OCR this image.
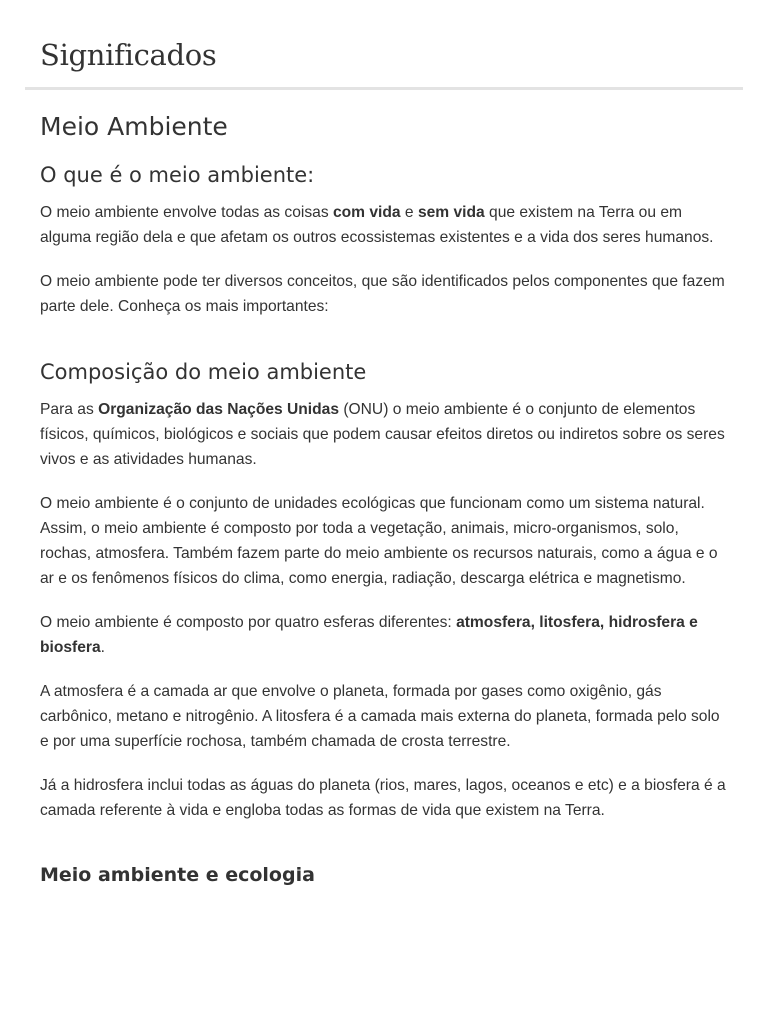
Significados
Meio Ambiente
O que é o meio ambiente:

O meio ambiente envolve todas as coisas com vida e sem vida que existem na Terra ou em alguma região dela e que afetam os outros ecossistemas existentes e a vida dos seres humanos.

O meio ambiente pode ter diversos conceitos, que são identificados pelos componentes que fazem parte dele. Conheça os mais importantes:

Composição do meio ambiente

Para as Organização das Nações Unidas (ONU) o meio ambiente é o conjunto de elementos físicos, químicos, biológicos e sociais que podem causar efeitos diretos ou indiretos sobre os seres vivos e as atividades humanas.

O meio ambiente é o conjunto de unidades ecológicas que funcionam como um sistema natural. Assim, o meio ambiente é composto por toda a vegetação, animais, micro-organismos, solo, rochas, atmosfera. Também fazem parte do meio ambiente os recursos naturais, como a água e o ar e os fenômenos físicos do clima, como energia, radiação, descarga elétrica e magnetismo.

O meio ambiente é composto por quatro esferas diferentes: atmosfera, litosfera, hidrosfera e biosfera.

A atmosfera é a camada ar que envolve o planeta, formada por gases como oxigênio, gás carbônico, metano e nitrogênio. A litosfera é a camada mais externa do planeta, formada pelo solo e por uma superfície rochosa, também chamada de crosta terrestre.

Já a hidrosfera inclui todas as águas do planeta (rios, mares, lagos, oceanos e etc) e a biosfera é a camada referente à vida e engloba todas as formas de vida que existem na Terra.

Meio ambiente e ecologia
